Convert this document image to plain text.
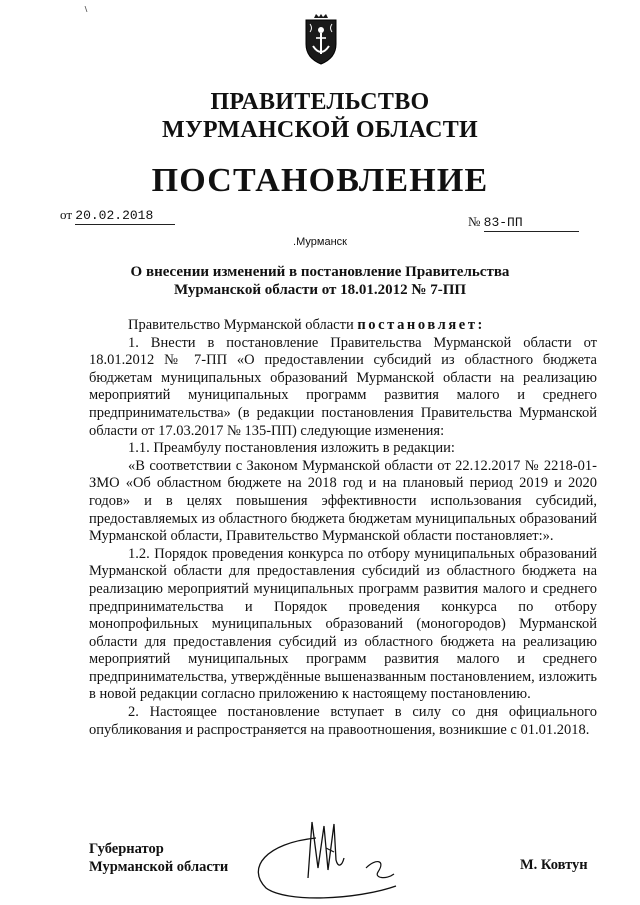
ПРАВИТЕЛЬСТВО
МУРМАНСКОЙ ОБЛАСТИ
ПОСТАНОВЛЕНИЕ
от 20.02.2018	№ 83-ПП
.Мурманск
О внесении изменений в постановление Правительства Мурманской области от 18.01.2012 № 7-ПП

Правительство Мурманской области постановляет:

1. Внести в постановление Правительства Мурманской области от 18.01.2012 № 7-ПП «О предоставлении субсидий из областного бюджета бюджетам муниципальных образований Мурманской области на реализацию мероприятий муниципальных программ развития малого и среднего предпринимательства» (в редакции постановления Правительства Мурманской области от 17.03.2017 № 135-ПП) следующие изменения:

1.1. Преамбулу постановления изложить в редакции:

«В соответствии с Законом Мурманской области от 22.12.2017 № 2218-01-ЗМО «Об областном бюджете на 2018 год и на плановый период 2019 и 2020 годов» и в целях повышения эффективности использования субсидий, предоставляемых из областного бюджета бюджетам муниципальных образований Мурманской области, Правительство Мурманской области постановляет:».

1.2. Порядок проведения конкурса по отбору муниципальных образований Мурманской области для предоставления субсидий из областного бюджета на реализацию мероприятий муниципальных программ развития малого и среднего предпринимательства и Порядок проведения конкурса по отбору монопрофильных муниципальных образований (моногородов) Мурманской области для предоставления субсидий из областного бюджета на реализацию мероприятий муниципальных программ развития малого и среднего предпринимательства, утверждённые вышеназванным постановлением, изложить в новой редакции согласно приложению к настоящему постановлению.

2. Настоящее постановление вступает в силу со дня официального опубликования и распространяется на правоотношения, возникшие с 01.01.2018.

Губернатор
Мурманской области	М. Ковтун
